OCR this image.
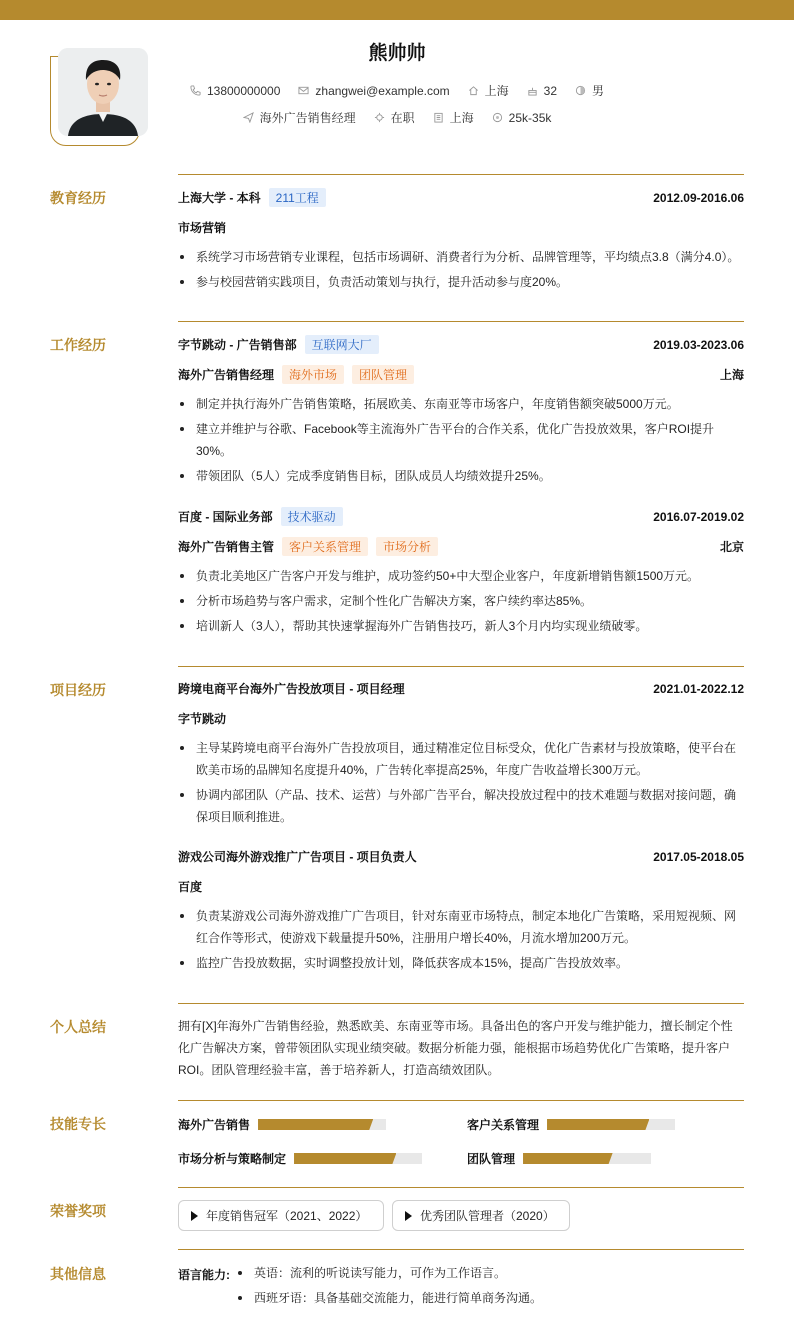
熊帅帅
13800000000	zhangwei@example.com	上海	32	男
海外广告销售经理	在职	上海	25k-35k
教育经历	上海大学 - 本科	211工程	2012.09-2016.06
市场营销
系统学习市场营销专业课程，包括市场调研、消费者行为分析、品牌管理等，平均绩点3.8（满分4.0）。
参与校园营销实践项目，负责活动策划与执行，提升活动参与度20%。
工作经历	字节跳动 - 广告销售部	互联网大厂	2019.03-2023.06
海外广告销售经理	海外市场	团队管理	上海
制定并执行海外广告销售策略，拓展欧美、东南亚等市场客户，年度销售额突破5000万元。
建立并维护与谷歌、Facebook等主流海外广告平台的合作关系，优化广告投放效果，客户ROI提升30%。
带领团队（5人）完成季度销售目标，团队成员人均绩效提升25%。
百度 - 国际业务部	技术驱动	2016.07-2019.02
海外广告销售主管	客户关系管理	市场分析	北京
负责北美地区广告客户开发与维护，成功签约50+中大型企业客户，年度新增销售额1500万元。
分析市场趋势与客户需求，定制个性化广告解决方案，客户续约率达85%。
培训新人（3人），帮助其快速掌握海外广告销售技巧，新人3个月内均实现业绩破零。
项目经历	跨境电商平台海外广告投放项目 - 项目经理	2021.01-2022.12
字节跳动
主导某跨境电商平台海外广告投放项目，通过精准定位目标受众，优化广告素材与投放策略，使平台在欧美市场的品牌知名度提升40%，广告转化率提高25%，年度广告收益增长300万元。
协调内部团队（产品、技术、运营）与外部广告平台，解决投放过程中的技术难题与数据对接问题，确保项目顺利推进。
游戏公司海外游戏推广广告项目 - 项目负责人	2017.05-2018.05
百度
负责某游戏公司海外游戏推广广告项目，针对东南亚市场特点，制定本地化广告策略，采用短视频、网红合作等形式，使游戏下载量提升50%，注册用户增长40%，月流水增加200万元。
监控广告投放数据，实时调整投放计划，降低获客成本15%，提高广告投放效率。
个人总结	拥有[X]年海外广告销售经验，熟悉欧美、东南亚等市场。具备出色的客户开发与维护能力，擅长制定个性化广告解决方案，曾带领团队实现业绩突破。数据分析能力强，能根据市场趋势优化广告策略，提升客户ROI。团队管理经验丰富，善于培养新人，打造高绩效团队。
技能专长	海外广告销售	客户关系管理
市场分析与策略制定	团队管理
荣誉奖项	年度销售冠军（2021、2022）	优秀团队管理者（2020）
其他信息	语言能力:	英语：流利的听说读写能力，可作为工作语言。
西班牙语：具备基础交流能力，能进行简单商务沟通。
